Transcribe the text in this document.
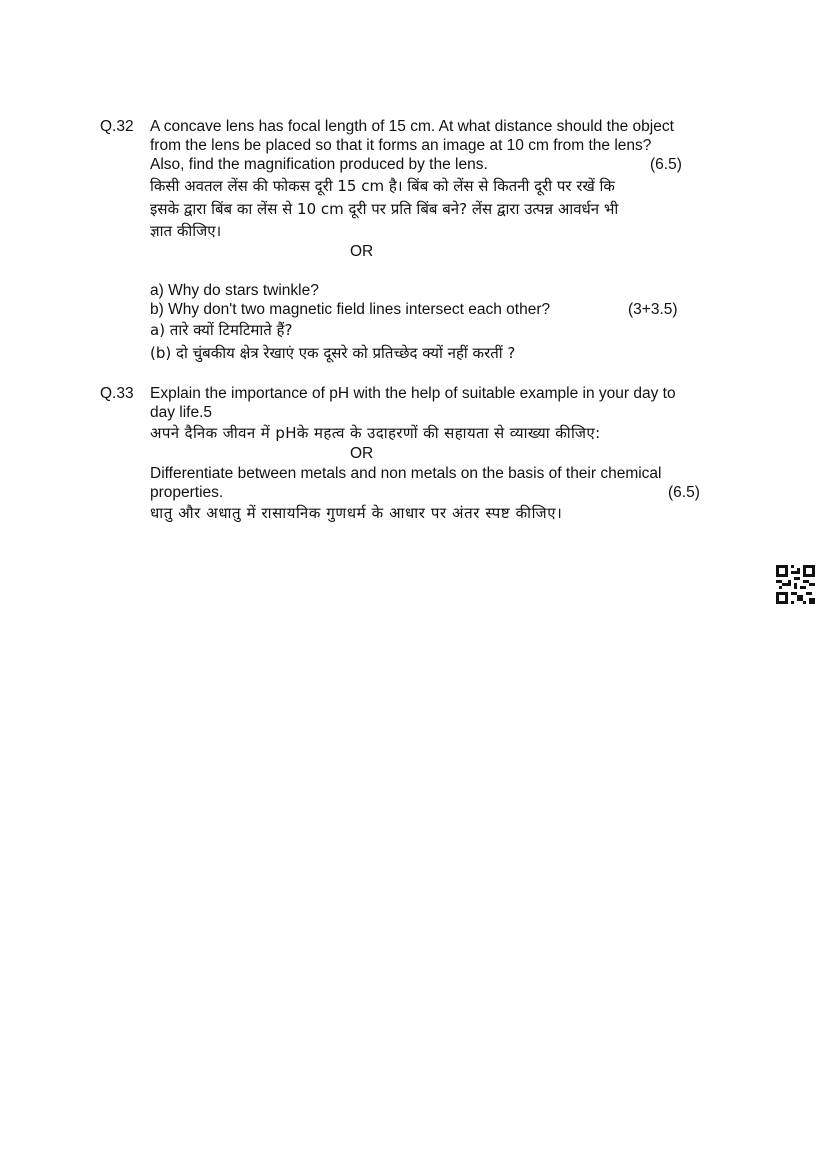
Q.32 A concave lens has focal length of 15 cm. At what distance should the object
from the lens be placed so that it forms an image at 10 cm from the lens?
Also, find the magnification produced by the lens.	(6.5)
किसी अवतल लेंस की फोकस दूरी 15 cm है। बिंब को लेंस से कितनी दूरी पर रखें कि
इसके द्वारा बिंब का लेंस से 10 cm दूरी पर प्रति बिंब बने? लेंस द्वारा उत्पन्न आवर्धन भी
ज्ञात कीजिए।
OR
a) Why do stars twinkle?
b) Why don't two magnetic field lines intersect each other?	(3+3.5)
a) तारे क्यों टिमटिमाते हैं?
(b) दो चुंबकीय क्षेत्र रेखाएं एक दूसरे को प्रतिच्छेद क्यों नहीं करतीं ?
Q.33 Explain the importance of pH with the help of suitable example in your day to
day life.5
अपने दैनिक जीवन में pHके महत्व के उदाहरणों की सहायता से व्याख्या कीजिए:
OR
Differentiate between metals and non metals on the basis of their chemical
properties.	(6.5)
धातु और अधातु में रासायनिक गुणधर्म के आधार पर अंतर स्पष्ट कीजिए।
